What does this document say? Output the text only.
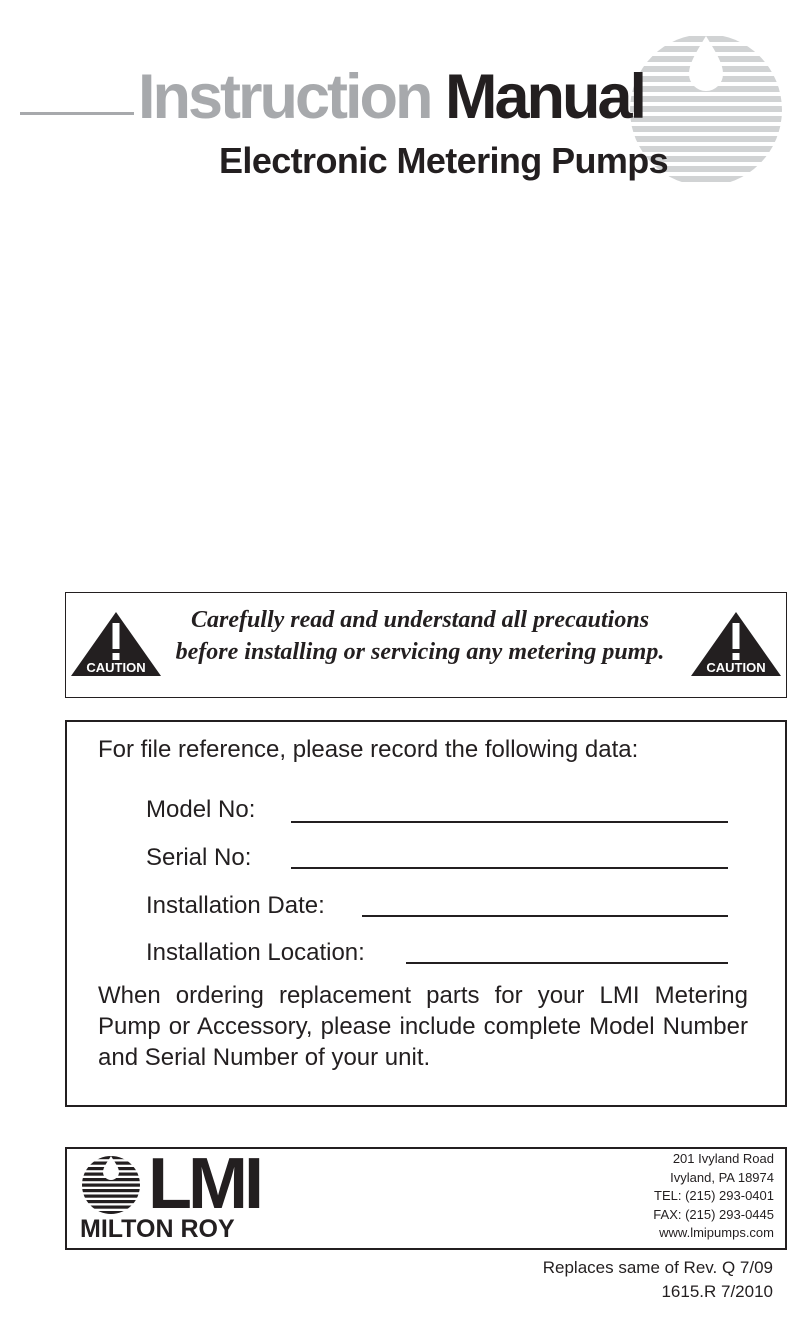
Instruction Manual
Electronic Metering Pumps
CAUTION
Carefully read and understand all precautions
before installing or servicing any metering pump.
CAUTION
For file reference, please record the following data:
Model No:
Serial No:
Installation Date:
Installation Location:
When ordering replacement parts for your LMI Metering Pump or Accessory, please include complete Model Number and Serial Number of your unit.
LMI
MILTON ROY
201 Ivyland Road
Ivyland, PA 18974
TEL: (215) 293-0401
FAX: (215) 293-0445
www.lmipumps.com
Replaces same of Rev. Q 7/09
1615.R 7/2010
